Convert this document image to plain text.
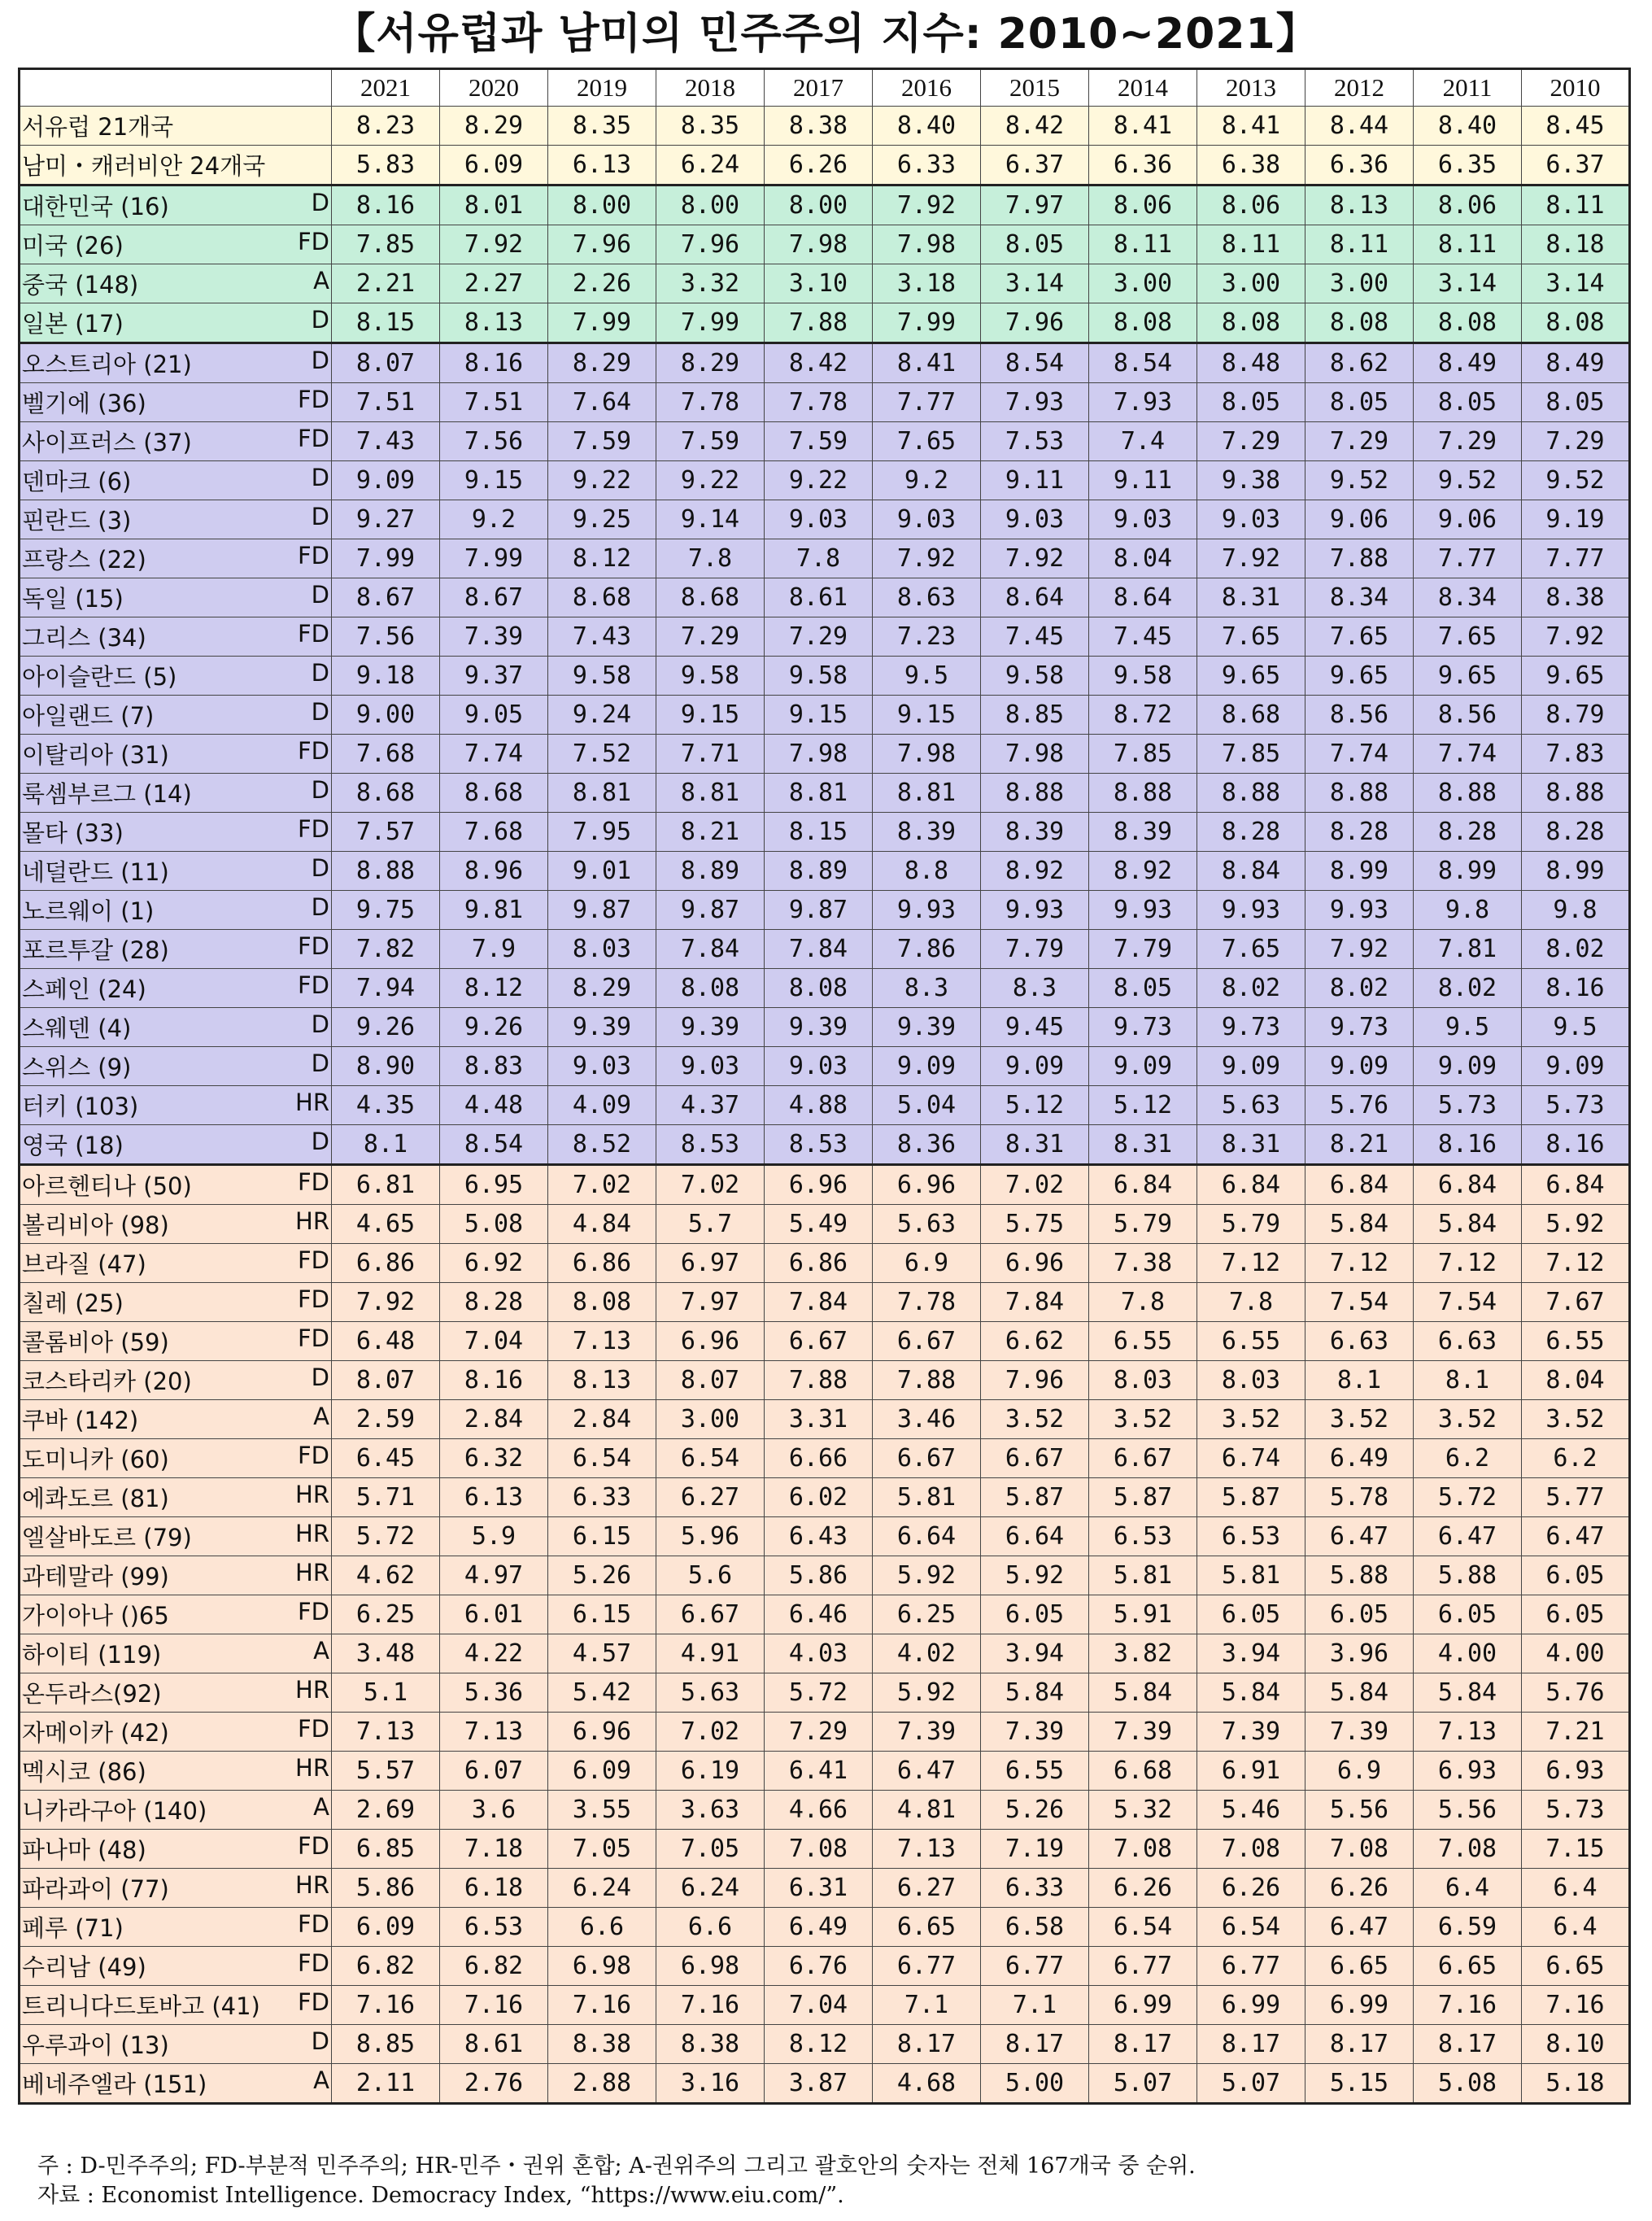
【서유럽과 남미의 민주주의 지수: 2010~2021】
	2021	2020	2019	2018	2017	2016	2015	2014	2013	2012	2011	2010

서유럽 21개국	8.23	8.29	8.35	8.35	8.38	8.40	8.42	8.41	8.41	8.44	8.40	8.45

남미・캐러비안 24개국	5.83	6.09	6.13	6.24	6.26	6.33	6.37	6.36	6.38	6.36	6.35	6.37

대한민국 (16) D	8.16	8.01	8.00	8.00	8.00	7.92	7.97	8.06	8.06	8.13	8.06	8.11

미국 (26) FD	7.85	7.92	7.96	7.96	7.98	7.98	8.05	8.11	8.11	8.11	8.11	8.18

중국 (148) A	2.21	2.27	2.26	3.32	3.10	3.18	3.14	3.00	3.00	3.00	3.14	3.14

일본 (17) D	8.15	8.13	7.99	7.99	7.88	7.99	7.96	8.08	8.08	8.08	8.08	8.08

오스트리아 (21) D	8.07	8.16	8.29	8.29	8.42	8.41	8.54	8.54	8.48	8.62	8.49	8.49

벨기에 (36) FD	7.51	7.51	7.64	7.78	7.78	7.77	7.93	7.93	8.05	8.05	8.05	8.05

사이프러스 (37) FD	7.43	7.56	7.59	7.59	7.59	7.65	7.53	7.4	7.29	7.29	7.29	7.29

덴마크 (6) D	9.09	9.15	9.22	9.22	9.22	9.2	9.11	9.11	9.38	9.52	9.52	9.52

핀란드 (3) D	9.27	9.2	9.25	9.14	9.03	9.03	9.03	9.03	9.03	9.06	9.06	9.19

프랑스 (22) FD	7.99	7.99	8.12	7.8	7.8	7.92	7.92	8.04	7.92	7.88	7.77	7.77

독일 (15) D	8.67	8.67	8.68	8.68	8.61	8.63	8.64	8.64	8.31	8.34	8.34	8.38

그리스 (34) FD	7.56	7.39	7.43	7.29	7.29	7.23	7.45	7.45	7.65	7.65	7.65	7.92

아이슬란드 (5) D	9.18	9.37	9.58	9.58	9.58	9.5	9.58	9.58	9.65	9.65	9.65	9.65

아일랜드 (7) D	9.00	9.05	9.24	9.15	9.15	9.15	8.85	8.72	8.68	8.56	8.56	8.79

이탈리아 (31) FD	7.68	7.74	7.52	7.71	7.98	7.98	7.98	7.85	7.85	7.74	7.74	7.83

룩셈부르그 (14) D	8.68	8.68	8.81	8.81	8.81	8.81	8.88	8.88	8.88	8.88	8.88	8.88

몰타 (33) FD	7.57	7.68	7.95	8.21	8.15	8.39	8.39	8.39	8.28	8.28	8.28	8.28

네덜란드 (11) D	8.88	8.96	9.01	8.89	8.89	8.8	8.92	8.92	8.84	8.99	8.99	8.99

노르웨이 (1) D	9.75	9.81	9.87	9.87	9.87	9.93	9.93	9.93	9.93	9.93	9.8	9.8

포르투갈 (28) FD	7.82	7.9	8.03	7.84	7.84	7.86	7.79	7.79	7.65	7.92	7.81	8.02

스페인 (24) FD	7.94	8.12	8.29	8.08	8.08	8.3	8.3	8.05	8.02	8.02	8.02	8.16

스웨덴 (4) D	9.26	9.26	9.39	9.39	9.39	9.39	9.45	9.73	9.73	9.73	9.5	9.5

스위스 (9) D	8.90	8.83	9.03	9.03	9.03	9.09	9.09	9.09	9.09	9.09	9.09	9.09

터키 (103) HR	4.35	4.48	4.09	4.37	4.88	5.04	5.12	5.12	5.63	5.76	5.73	5.73

영국 (18) D	8.1	8.54	8.52	8.53	8.53	8.36	8.31	8.31	8.31	8.21	8.16	8.16

아르헨티나 (50) FD	6.81	6.95	7.02	7.02	6.96	6.96	7.02	6.84	6.84	6.84	6.84	6.84

볼리비아 (98) HR	4.65	5.08	4.84	5.7	5.49	5.63	5.75	5.79	5.79	5.84	5.84	5.92

브라질 (47) FD	6.86	6.92	6.86	6.97	6.86	6.9	6.96	7.38	7.12	7.12	7.12	7.12

칠레 (25) FD	7.92	8.28	8.08	7.97	7.84	7.78	7.84	7.8	7.8	7.54	7.54	7.67

콜롬비아 (59) FD	6.48	7.04	7.13	6.96	6.67	6.67	6.62	6.55	6.55	6.63	6.63	6.55

코스타리카 (20) D	8.07	8.16	8.13	8.07	7.88	7.88	7.96	8.03	8.03	8.1	8.1	8.04

쿠바 (142) A	2.59	2.84	2.84	3.00	3.31	3.46	3.52	3.52	3.52	3.52	3.52	3.52

도미니카 (60) FD	6.45	6.32	6.54	6.54	6.66	6.67	6.67	6.67	6.74	6.49	6.2	6.2

에콰도르 (81) HR	5.71	6.13	6.33	6.27	6.02	5.81	5.87	5.87	5.87	5.78	5.72	5.77

엘살바도르 (79) HR	5.72	5.9	6.15	5.96	6.43	6.64	6.64	6.53	6.53	6.47	6.47	6.47

과테말라 (99) HR	4.62	4.97	5.26	5.6	5.86	5.92	5.92	5.81	5.81	5.88	5.88	6.05

가이아나 ()65 FD	6.25	6.01	6.15	6.67	6.46	6.25	6.05	5.91	6.05	6.05	6.05	6.05

하이티 (119) A	3.48	4.22	4.57	4.91	4.03	4.02	3.94	3.82	3.94	3.96	4.00	4.00

온두라스(92) HR	5.1	5.36	5.42	5.63	5.72	5.92	5.84	5.84	5.84	5.84	5.84	5.76

자메이카 (42) FD	7.13	7.13	6.96	7.02	7.29	7.39	7.39	7.39	7.39	7.39	7.13	7.21

멕시코 (86) HR	5.57	6.07	6.09	6.19	6.41	6.47	6.55	6.68	6.91	6.9	6.93	6.93

니카라구아 (140) A	2.69	3.6	3.55	3.63	4.66	4.81	5.26	5.32	5.46	5.56	5.56	5.73

파나마 (48) FD	6.85	7.18	7.05	7.05	7.08	7.13	7.19	7.08	7.08	7.08	7.08	7.15

파라과이 (77) HR	5.86	6.18	6.24	6.24	6.31	6.27	6.33	6.26	6.26	6.26	6.4	6.4

페루 (71) FD	6.09	6.53	6.6	6.6	6.49	6.65	6.58	6.54	6.54	6.47	6.59	6.4

수리남 (49) FD	6.82	6.82	6.98	6.98	6.76	6.77	6.77	6.77	6.77	6.65	6.65	6.65

트리니다드토바고 (41) FD	7.16	7.16	7.16	7.16	7.04	7.1	7.1	6.99	6.99	6.99	7.16	7.16

우루과이 (13) D	8.85	8.61	8.38	8.38	8.12	8.17	8.17	8.17	8.17	8.17	8.17	8.10

베네주엘라 (151) A	2.11	2.76	2.88	3.16	3.87	4.68	5.00	5.07	5.07	5.15	5.08	5.18
주 : D-민주주의; FD-부분적 민주주의; HR-민주・권위 혼합; A-권위주의 그리고 괄호안의 숫자는 전체 167개국 중 순위.
자료 : Economist Intelligence. Democracy Index, “https://www.eiu.com/”.
